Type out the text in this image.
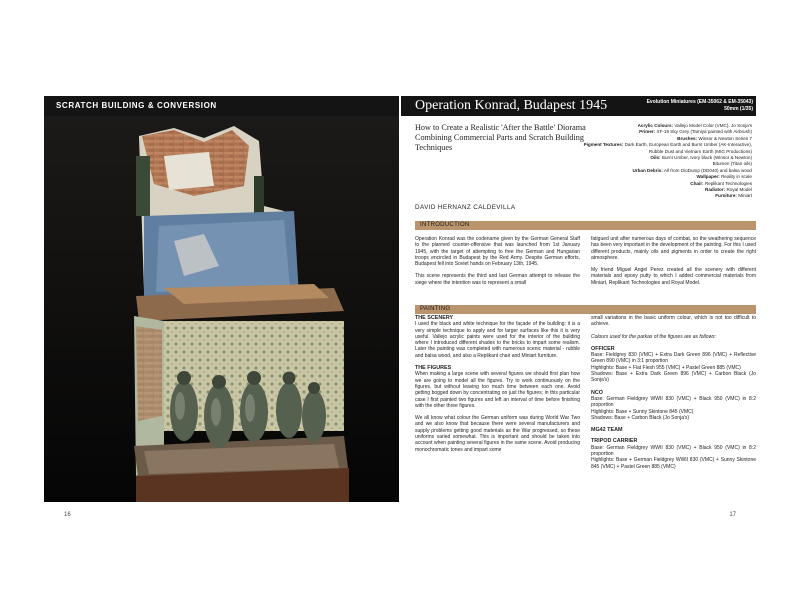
SCRATCH BUILDING & CONVERSION
16
Operation Konrad, Budapest 1945	Evolution Miniatures (EM-35062 & EM-35043)
50mm (1/35)
How to Create a Realistic 'After the Battle' Diorama Combining Commercial Parts and Scratch Building Techniques
DAVID HERNANZ CALDEVILLA
Acrylic Colours: Vallejo Model Color (VMC), Jo Sonja's
Primer: XF-19 Sky Grey (Tamiya painted with Airbrush)
Brushes: Winsor & Newton Series 7
Pigment Textures: Dark Earth, European Earth and Burnt Umber (AK-Interactive), Rubble Dust and Vietnam Earth (MIG Productions)
Oils: Burnt Umber, Ivory black (Winsor & Newton)
Bitumen (Titan oils)
Urban Debris: All from DioDump (DD040) and balsa wood
Wallpaper: Reality in scale
Chair: Replikant Technologies
Radiator: Royal Model
Furniture: Miniart
INTRODUCTION

Operation Konrad was the codename given by the German General Staff to the planned counter-offensive that was launched from 1st January 1945, with the target of attempting to free the German and Hungarian troops encircled in Budapest by the Red Army. Despite German efforts, Budapest fell into Soviet hands on February 13th, 1945.

This scene represents the third and last German attempt to release the siege where the intention was to represent a small

fatigued unit after numerous days of combat, so the weathering sequence has been very important in the development of the painting. For this I used different products, mainly oils and pigments in order to create the right atmosphere.

My friend Miguel Angel Perez created all the scenery with different materials and epoxy putty to which I added commercial materials from Miniart, Replikant Technologies and Royal Model.

PAINTING
THE SCENERY

I used the black and white technique for the façade of the building: it is a very simple technique to apply and for larger surfaces like this it is very useful. Vallejo acrylic paints were used for the interior of the building where I introduced different shades to the bricks to impart some realism. Later the painting was completed with numerous scenic material - rubble and balsa wood, and also a Replikant chair and Miniart furniture.

THE FIGURES

When making a large scene with several figures we should first plan how we are going to model all the figures. Try to work continuously on the figures, but without leaving too much time between each one. Avoid getting bogged down by concentrating on just the figures; in this particular case I first painted two figures and left an interval of time before finishing with the other three figures.

We all know what colour the German uniform was during World War Two and we also know that because there were several manufacturers and supply problems getting good materials as the War progressed, so these uniforms varied somewhat. This is important and should be taken into account when painting several figures in the same scene. Avoid producing monochromatic tones and impart some

small variations in the basic uniform colour, which is not too difficult to achieve.

Colours used for the parkas of the figures are as follows:

OFFICER

Base: Fieldgrey 830 (VMC) + Extra Dark Green 896 (VMC) + Reflective Green 890 (VMC) in 3:1 proportion
Highlights: Base + Flat Flesh 955 (VMC) + Pastel Green 885 (VMC)
Shadows: Base + Extra Dark Green 896 (VMC) + Carbon Black (Jo Sonja's)

NCO

Base: German Fieldgrey WWII 830 (VMC) + Black 950 (VMC) in 8:2 proportion
Highlights: Base + Sunny Skintone 845 (VMC)
Shadows: Base + Carbon Black (Jo Sonja's)

MG42 TEAM
TRIPOD CARRIER

Base: German Fieldgrey WWII 830 (VMC) + Black 950 (VMC) in 8:2 proportion
Highlights: Base + German Fieldgrey WWII 830 (VMC) + Sunny Skintone 845 (VMC) + Pastel Green 885 (VMC)

17
